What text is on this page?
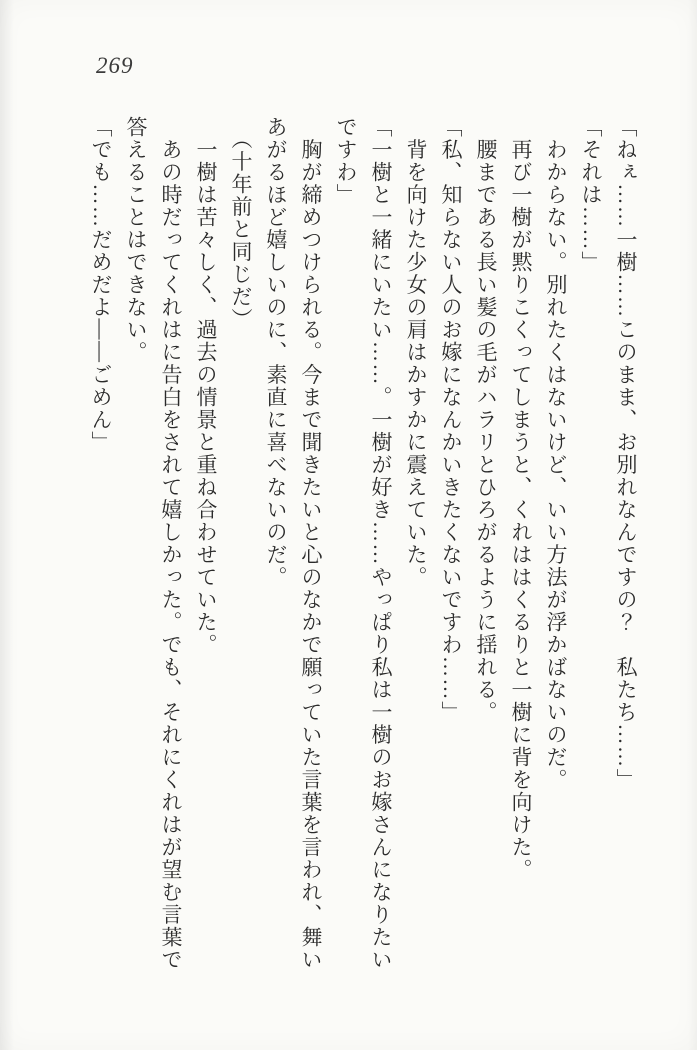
269

「ねぇ……一樹……このまま、お別れなんですの？　私たち……」

「それは……」

　わからない。別れたくはないけど、いい方法が浮かばないのだ。

　再び一樹が黙りこくってしまうと、くれははくるりと一樹に背を向けた。

　腰まである長い髪の毛がハラリとひろがるように揺れる。

「私、知らない人のお嫁になんかいきたくないですわ……」

　背を向けた少女の肩はかすかに震えていた。

「一樹と一緒にいたい……。一樹が好き……やっぱり私は一樹のお嫁さんになりたい

ですわ」

　胸が締めつけられる。今まで聞きたいと心のなかで願っていた言葉を言われ、舞い

あがるほど嬉しいのに、素直に喜べないのだ。

　（十年前と同じだ）

　一樹は苦々しく、過去の情景と重ね合わせていた。

　あの時だってくれはに告白をされて嬉しかった。でも、それにくれはが望む言葉で

答えることはできない。

「でも……だめだよ――ごめん」
